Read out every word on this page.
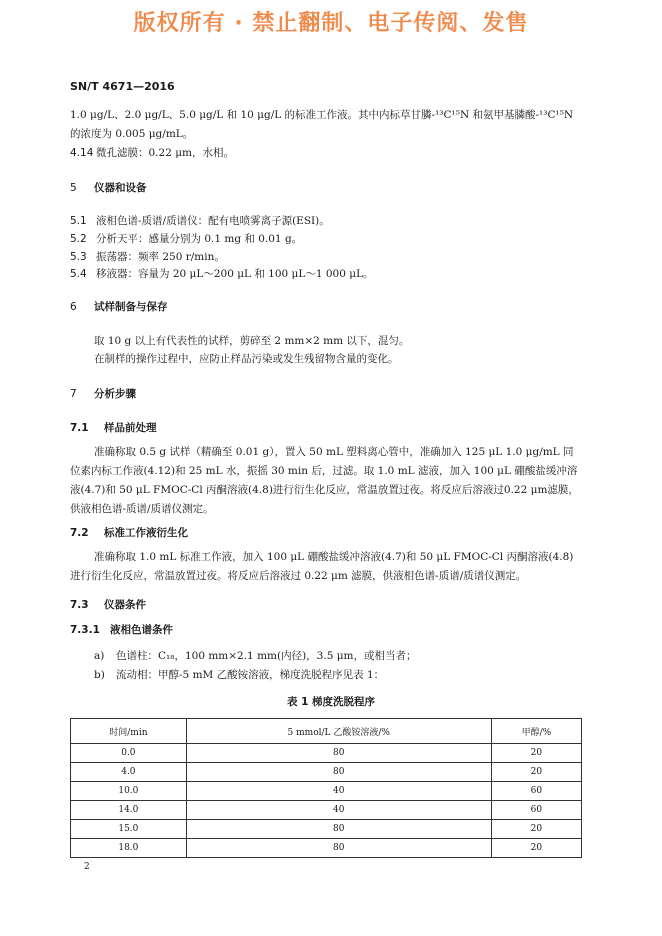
版权所有 · 禁止翻制、电子传阅、发售
SN/T 4671—2016
1.0 μg/L、2.0 μg/L、5.0 μg/L 和 10 μg/L 的标准工作液。其中内标草甘膦-¹³C¹⁵N 和氨甲基膦酸-¹³C¹⁵N的浓度为 0.005 μg/mL。
4.14 微孔滤膜：0.22 μm，水相。
5 仪器和设备
5.1 液相色谱-质谱/质谱仪：配有电喷雾离子源(ESI)。
5.2 分析天平：感量分别为 0.1 mg 和 0.01 g。
5.3 振荡器：频率 250 r/min。
5.4 移液器：容量为 20 μL～200 μL 和 100 μL～1 000 μL。
6 试样制备与保存
取 10 g 以上有代表性的试样，剪碎至 2 mm×2 mm 以下，混匀。
在制样的操作过程中，应防止样品污染或发生残留物含量的变化。
7 分析步骤
7.1 样品前处理
准确称取 0.5 g 试样（精确至 0.01 g），置入 50 mL 塑料离心管中，准确加入 125 μL 1.0 μg/mL 同位素内标工作液(4.12)和 25 mL 水，振摇 30 min 后，过滤。取 1.0 mL 滤液，加入 100 μL 硼酸盐缓冲溶液(4.7)和 50 μL FMOC-Cl 丙酮溶液(4.8)进行衍生化反应，常温放置过夜。将反应后溶液过0.22 μm滤膜，供液相色谱-质谱/质谱仪测定。
7.2 标准工作液衍生化
准确称取 1.0 mL 标准工作液，加入 100 μL 硼酸盐缓冲溶液(4.7)和 50 μL FMOC-Cl 丙酮溶液(4.8)进行衍生化反应，常温放置过夜。将反应后溶液过 0.22 μm 滤膜，供液相色谱-质谱/质谱仪测定。
7.3 仪器条件
7.3.1 液相色谱条件
a) 色谱柱：C₁₈，100 mm×2.1 mm(内径)，3.5 μm，或相当者；
b) 流动相：甲醇-5 mM 乙酸铵溶液，梯度洗脱程序见表 1：
表 1 梯度洗脱程序
时间/min	5 mmol/L 乙酸铵溶液/%	甲醇/%
0.0	80	20
4.0	80	20
10.0	40	60
14.0	40	60
15.0	80	20
18.0	80	20
2
